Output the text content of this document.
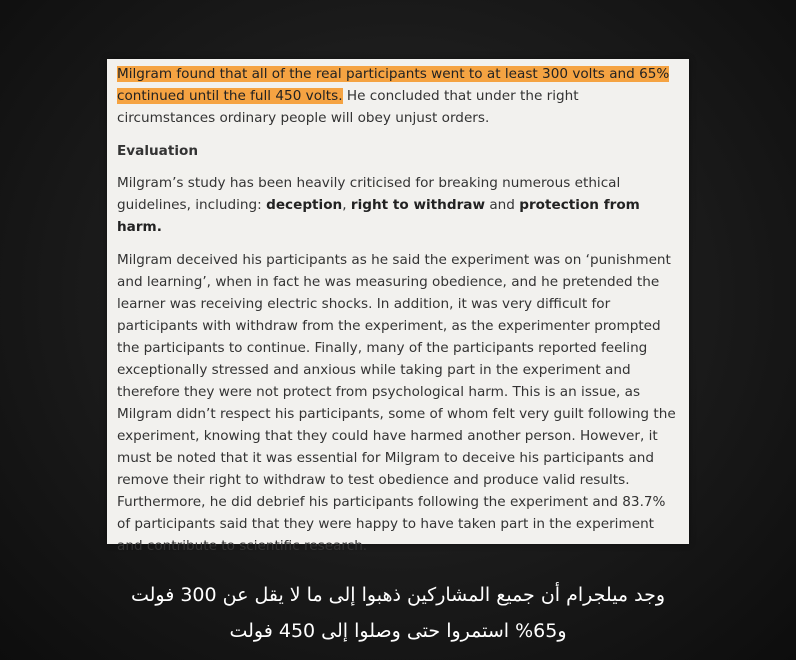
Milgram found that all of the real participants went to at least 300 volts and 65%
continued until the full 450 volts. He concluded that under the right circumstances ordinary people will obey unjust orders.

Evaluation

Milgram’s study has been heavily criticised for breaking numerous ethical guidelines, including: deception, right to withdraw and protection from harm.

Milgram deceived his participants as he said the experiment was on ‘punishment and learning’, when in fact he was measuring obedience, and he pretended the learner was receiving electric shocks. In addition, it was very difficult for participants with withdraw from the experiment, as the experimenter prompted the participants to continue. Finally, many of the participants reported feeling exceptionally stressed and anxious while taking part in the experiment and therefore they were not protect from psychological harm. This is an issue, as Milgram didn’t respect his participants, some of whom felt very guilt following the experiment, knowing that they could have harmed another person. However, it must be noted that it was essential for Milgram to deceive his participants and remove their right to withdraw to test obedience and produce valid results. Furthermore, he did debrief his participants following the experiment and 83.7% of participants said that they were happy to have taken part in the experiment and contribute to scientific research.

وجد ميلجرام أن جميع المشاركين ذهبوا إلى ما لا يقل عن 300 فولت
و65% استمروا حتى وصلوا إلى 450 فولت
